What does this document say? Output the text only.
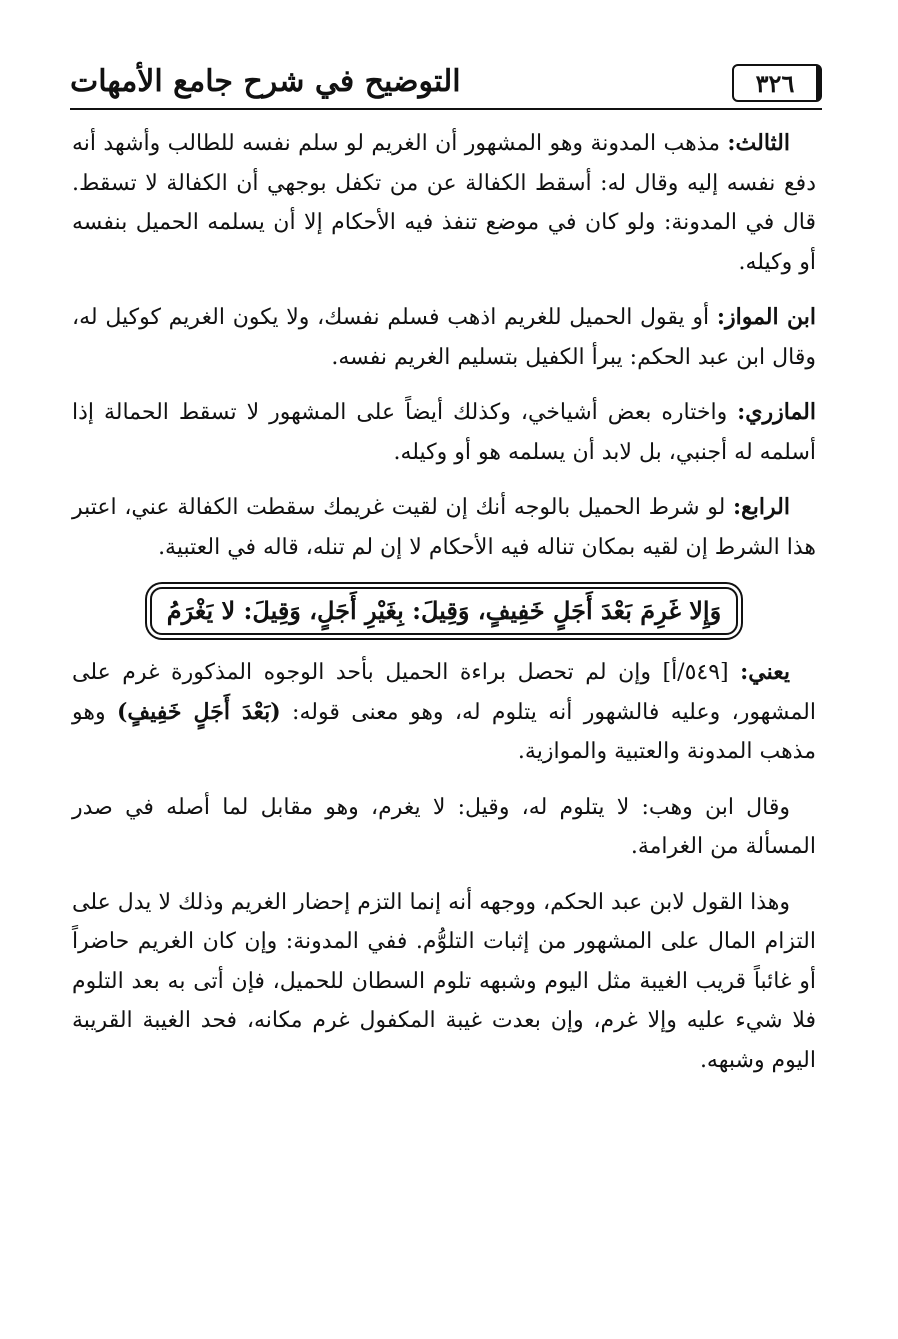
التوضيح في شرح جامع الأمهات	٣٢٦

الثالث: مذهب المدونة وهو المشهور أن الغريم لو سلم نفسه للطالب وأشهد أنه دفع نفسه إليه وقال له: أسقط الكفالة عن من تكفل بوجهي أن الكفالة لا تسقط. قال في المدونة: ولو كان في موضع تنفذ فيه الأحكام إلا أن يسلمه الحميل بنفسه أو وكيله.

ابن المواز: أو يقول الحميل للغريم اذهب فسلم نفسك، ولا يكون الغريم كوكيل له، وقال ابن عبد الحكم: يبرأ الكفيل بتسليم الغريم نفسه.

المازري: واختاره بعض أشياخي، وكذلك أيضاً على المشهور لا تسقط الحمالة إذا أسلمه له أجنبي، بل لابد أن يسلمه هو أو وكيله.

الرابع: لو شرط الحميل بالوجه أنك إن لقيت غريمك سقطت الكفالة عني، اعتبر هذا الشرط إن لقيه بمكان تناله فيه الأحكام لا إن لم تنله، قاله في العتبية.

وَإِلا غَرِمَ بَعْدَ أَجَلٍ خَفِيفٍ، وَقِيلَ: بِغَيْرِ أَجَلٍ، وَقِيلَ: لا يَغْرَمُ

يعني: [٥٤٩/أ] وإن لم تحصل براءة الحميل بأحد الوجوه المذكورة غرم على المشهور، وعليه فالشهور أنه يتلوم له، وهو معنى قوله: (بَعْدَ أَجَلٍ خَفِيفٍ) وهو مذهب المدونة والعتبية والموازية.

وقال ابن وهب: لا يتلوم له، وقيل: لا يغرم، وهو مقابل لما أصله في صدر المسألة من الغرامة.

وهذا القول لابن عبد الحكم، ووجهه أنه إنما التزم إحضار الغريم وذلك لا يدل على التزام المال على المشهور من إثبات التلوُّم. ففي المدونة: وإن كان الغريم حاضراً أو غائباً قريب الغيبة مثل اليوم وشبهه تلوم السطان للحميل، فإن أتى به بعد التلوم فلا شيء عليه وإلا غرم، وإن بعدت غيبة المكفول غرم مكانه، فحد الغيبة القريبة اليوم وشبهه.
